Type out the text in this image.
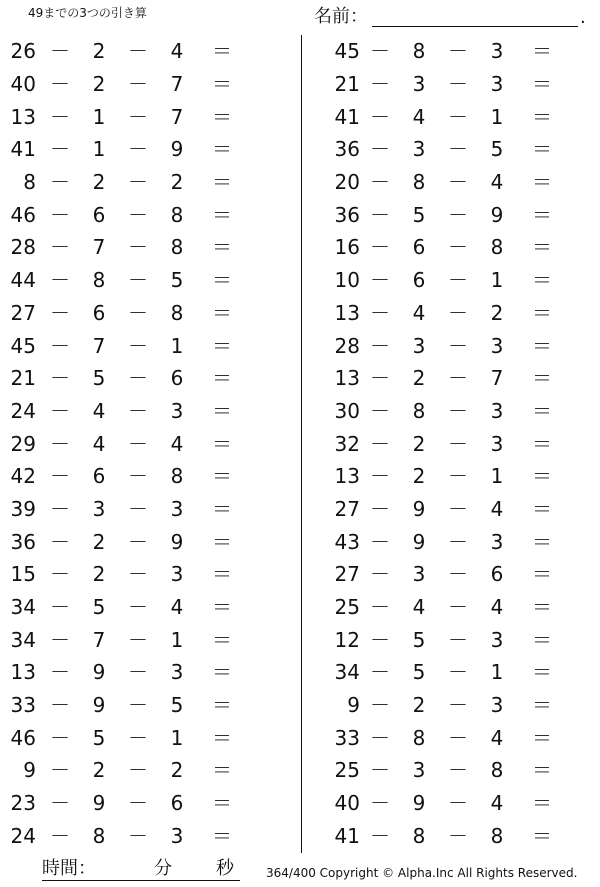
49までの3つの引き算	名前：	.
26 －	2	－	4	＝
40 －	2	－	7	＝
13 －	1	－	7	＝
41 －	1	－	9	＝
8 －	2	－	2	＝
46 －	6	－	8	＝
28 －	7	－	8	＝
44 －	8	－	5	＝
27 －	6	－	8	＝
45 －	7	－	1	＝
21 －	5	－	6	＝
24 －	4	－	3	＝
29 －	4	－	4	＝
42 －	6	－	8	＝
39 －	3	－	3	＝
36 －	2	－	9	＝
15 －	2	－	3	＝
34 －	5	－	4	＝
34 －	7	－	1	＝
13 －	9	－	3	＝
33 －	9	－	5	＝
46 －	5	－	1	＝
9 －	2	－	2	＝
23 －	9	－	6	＝
24 －	8	－	3	＝
45 －	8	－	3	＝
21 －	3	－	3	＝
41 －	4	－	1	＝
36 －	3	－	5	＝
20 －	8	－	4	＝
36 －	5	－	9	＝
16 －	6	－	8	＝
10 －	6	－	1	＝
13 －	4	－	2	＝
28 －	3	－	3	＝
13 －	2	－	7	＝
30 －	8	－	3	＝
32 －	2	－	3	＝
13 －	2	－	1	＝
27 －	9	－	4	＝
43 －	9	－	3	＝
27 －	3	－	6	＝
25 －	4	－	4	＝
12 －	5	－	3	＝
34 －	5	－	1	＝
9 －	2	－	3	＝
33 －	8	－	4	＝
25 －	3	－	8	＝
40 －	9	－	4	＝
41 －	8	－	8	＝
時間：	分 秒	364/400 Copyright © Alpha.Inc All Rights Reserved.
